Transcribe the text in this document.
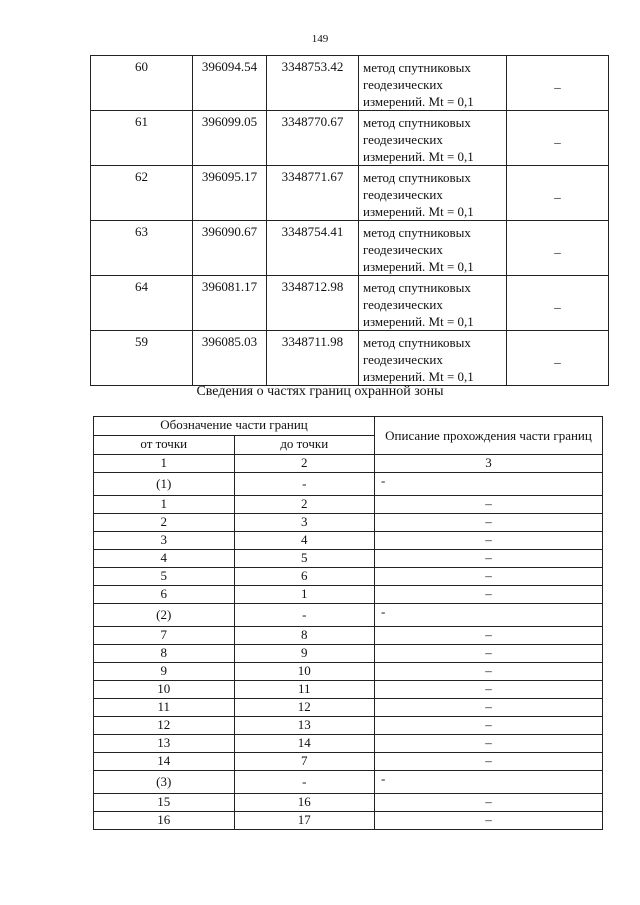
149
60	396094.54	3348753.42	метод спутниковых геодезических измерений. Mt = 0,1	_
61	396099.05	3348770.67	метод спутниковых геодезических измерений. Mt = 0,1	_
62	396095.17	3348771.67	метод спутниковых геодезических измерений. Mt = 0,1	_
63	396090.67	3348754.41	метод спутниковых геодезических измерений. Mt = 0,1	_
64	396081.17	3348712.98	метод спутниковых геодезических измерений. Mt = 0,1	_
59	396085.03	3348711.98	метод спутниковых геодезических измерений. Mt = 0,1	_
Сведения о частях границ охранной зоны
Обозначение части границ		Описание прохождения части границ
от точки	до точки	
1	2	3
(1)	-	-
1	2	–
2	3	–
3	4	–
4	5	–
5	6	–
6	1	–
(2)	-	-
7	8	–
8	9	–
9	10	–
10	11	–
11	12	–
12	13	–
13	14	–
14	7	–
(3)	-	-
15	16	–
16	17	–
